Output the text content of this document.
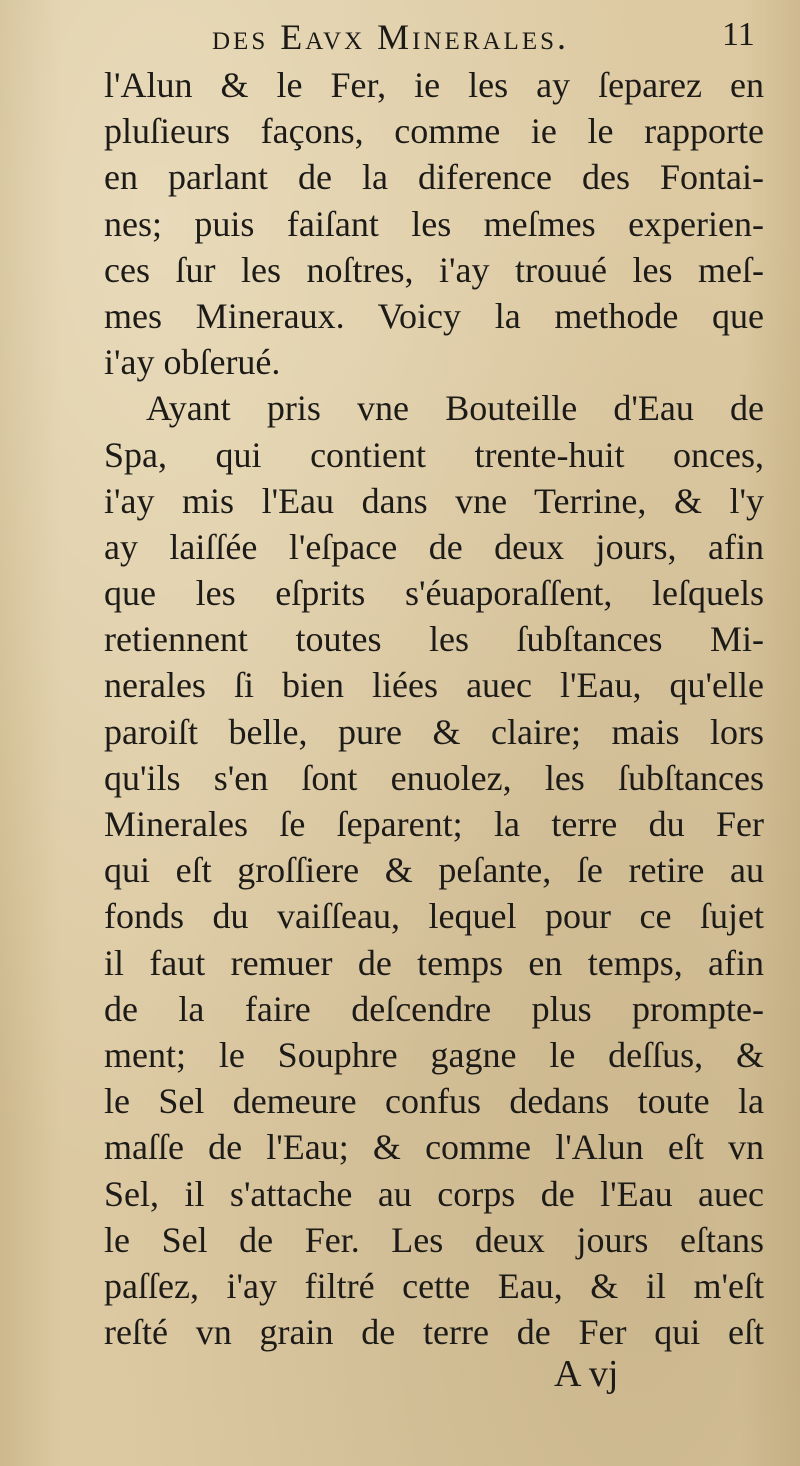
des Eavx Minerales.	11
l'Alun & le Fer, ie les ay ſeparez en
pluſieurs façons, comme ie le rapporte
en parlant de la diference des Fontai-
nes; puis faiſant les meſmes experien-
ces ſur les noſtres, i'ay trouué les meſ-
mes Mineraux. Voicy la methode que
i'ay obſerué.
Ayant pris vne Bouteille d'Eau de
Spa, qui contient trente-huit onces,
i'ay mis l'Eau dans vne Terrine, & l'y
ay laiſſée l'eſpace de deux jours, afin
que les eſprits s'éuaporaſſent, leſquels
retiennent toutes les ſubſtances Mi-
nerales ſi bien liées auec l'Eau, qu'elle
paroiſt belle, pure & claire; mais lors
qu'ils s'en ſont enuolez, les ſubſtances
Minerales ſe ſeparent; la terre du Fer
qui eſt groſſiere & peſante, ſe retire au
fonds du vaiſſeau, lequel pour ce ſujet
il faut remuer de temps en temps, afin
de la faire deſcendre plus prompte-
ment; le Souphre gagne le deſſus, &
le Sel demeure confus dedans toute la
maſſe de l'Eau; & comme l'Alun eſt vn
Sel, il s'attache au corps de l'Eau auec
le Sel de Fer. Les deux jours eſtans
paſſez, i'ay filtré cette Eau, & il m'eſt
reſté vn grain de terre de Fer qui eſt
A vj
